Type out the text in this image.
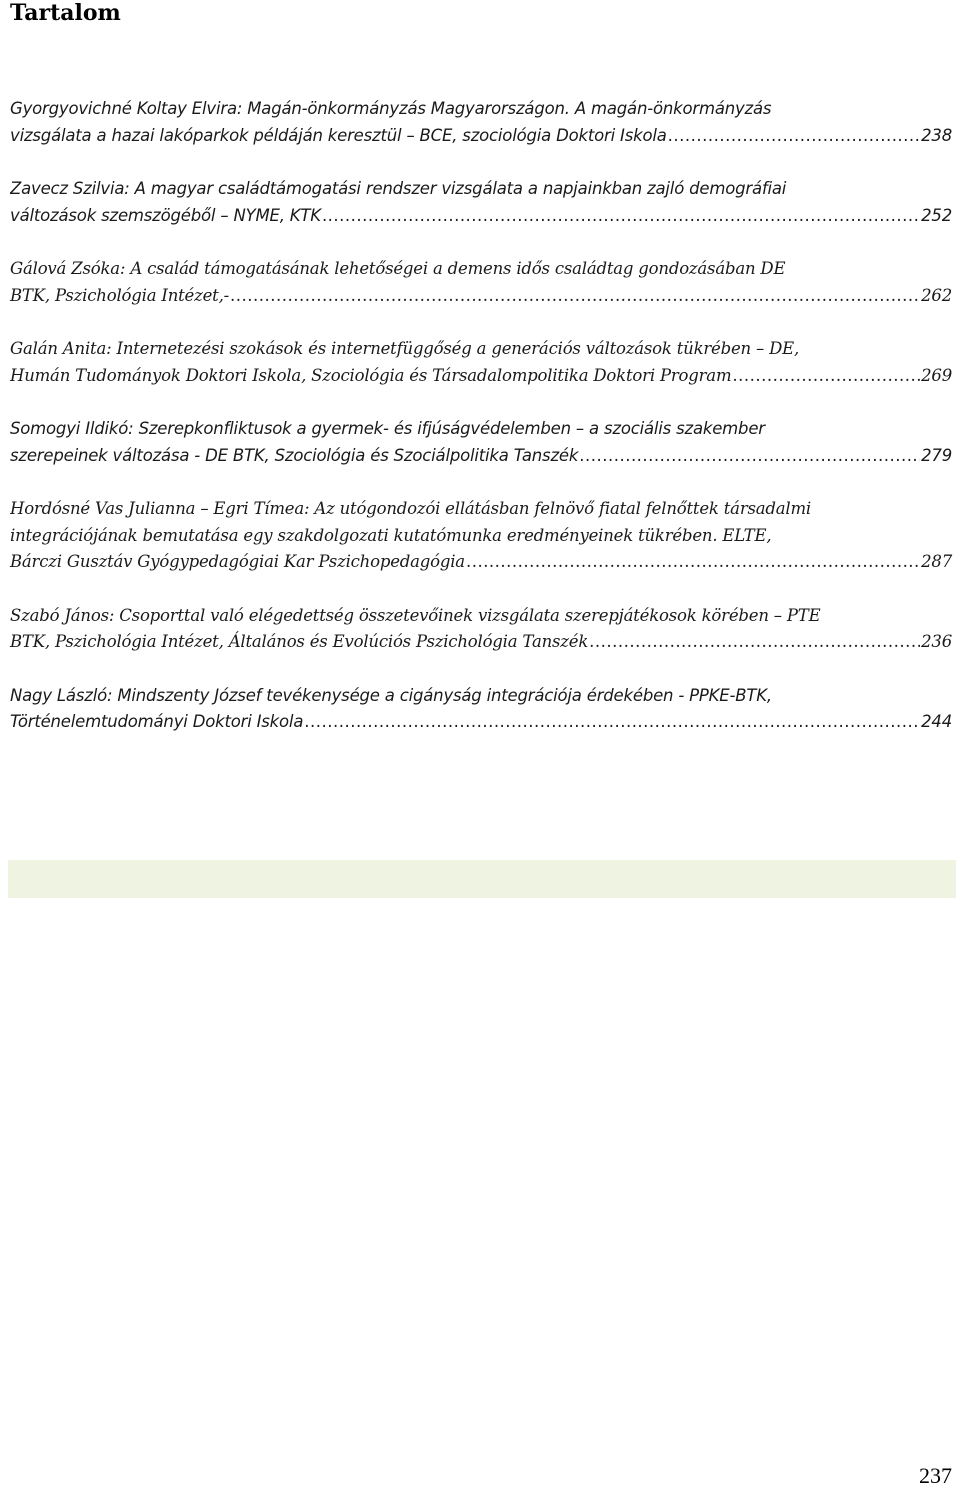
Tartalom
Gyorgyovichné Koltay Elvira: Magán-önkormányzás Magyarországon. A magán-önkormányzás
vizsgálata a hazai lakóparkok példáján keresztül – BCE, szociológia Doktori Iskola .....	238
Zavecz Szilvia: A magyar családtámogatási rendszer vizsgálata a napjainkban zajló demográfiai
változások szemszögéből – NYME, KTK .....	252
Gálová Zsóka: A család támogatásának lehetőségei a demens idős családtag gondozásában DE
BTK, Pszichológia Intézet,- .....	262
Galán Anita: Internetezési szokások és internetfüggőség a generációs változások tükrében – DE,
Humán Tudományok Doktori Iskola, Szociológia és Társadalompolitika Doktori Program .....	269
Somogyi Ildikó: Szerepkonfliktusok a gyermek- és ifjúságvédelemben – a szociális szakember
szerepeinek változása - DE BTK, Szociológia és Szociálpolitika Tanszék .....	279
Hordósné Vas Julianna – Egri Tímea: Az utógondozói ellátásban felnövő fiatal felnőttek társadalmi
integrációjának bemutatása egy szakdolgozati kutatómunka eredményeinek tükrében. ELTE,
Bárczi Gusztáv Gyógypedagógiai Kar Pszichopedagógia .....	287
Szabó János: Csoporttal való elégedettség összetevőinek vizsgálata szerepjátékosok körében – PTE
BTK, Pszichológia Intézet, Általános és Evolúciós Pszichológia Tanszék .....	236
Nagy László: Mindszenty József tevékenysége a cigányság integrációja érdekében - PPKE-BTK,
Történelemtudományi Doktori Iskola .....	244
237
